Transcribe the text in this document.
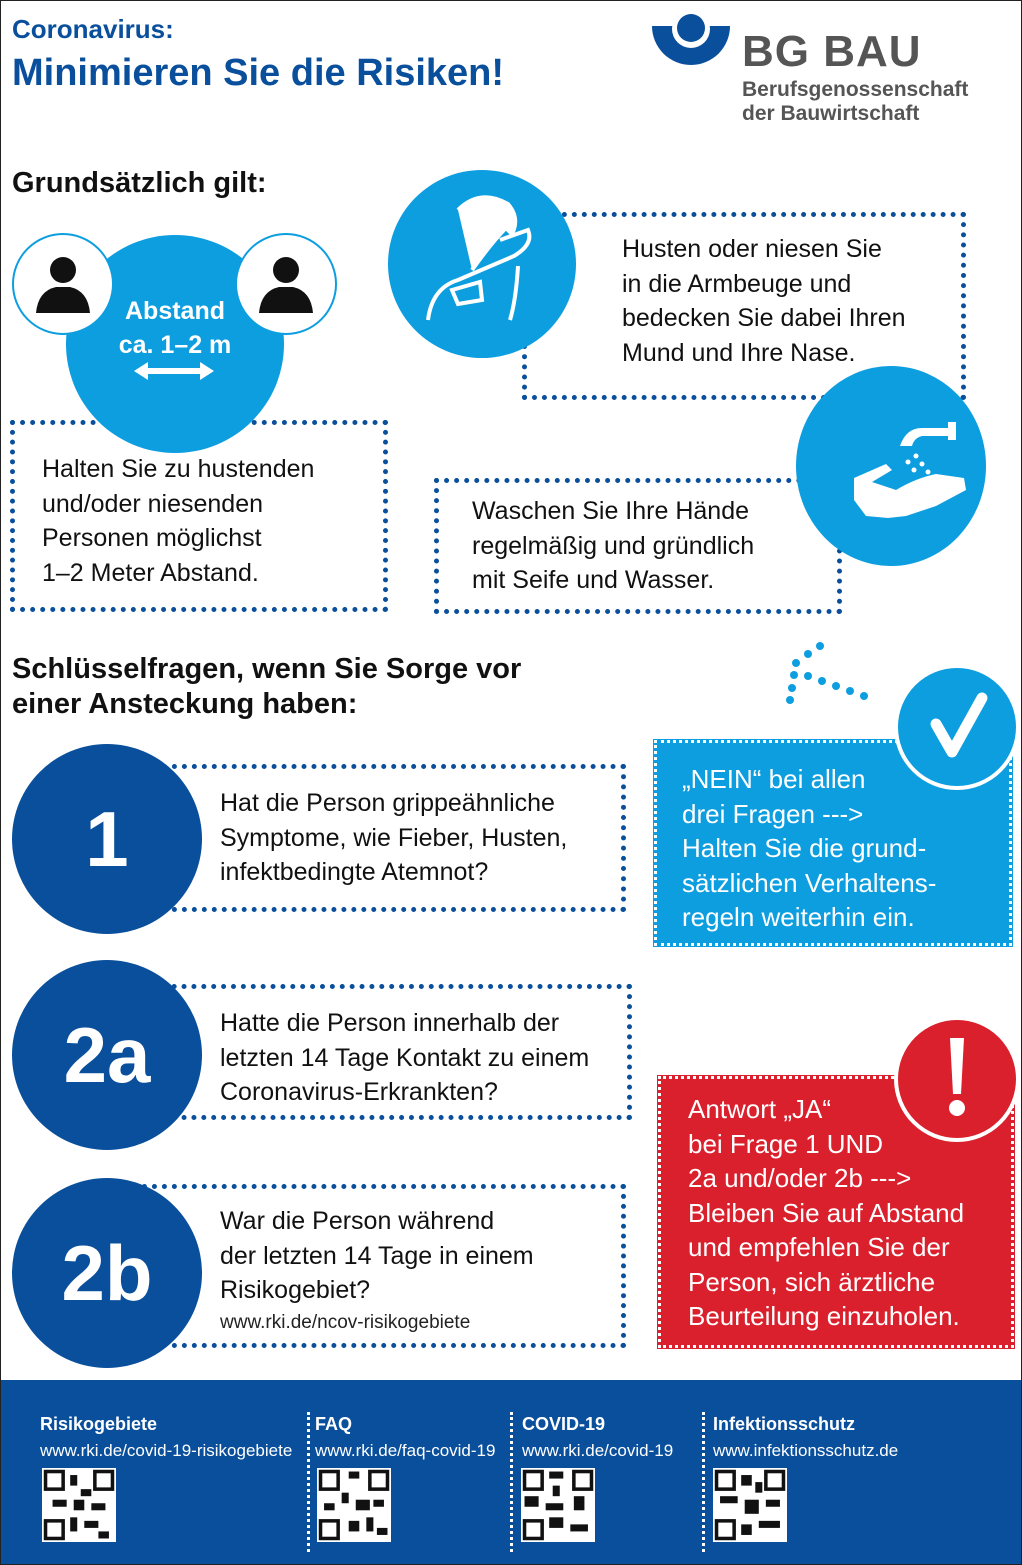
Coronavirus:
Minimieren Sie die Risiken!	BG BAU
Berufsgenossenschaft
der Bauwirtschaft
Grundsätzlich gilt:
Abstand
ca. 1–2 m
Halten Sie zu hustenden
und/oder niesenden
Personen möglichst
1–2 Meter Abstand.
Husten oder niesen Sie
in die Armbeuge und
bedecken Sie dabei Ihren
Mund und Ihre Nase.
Waschen Sie Ihre Hände
regelmäßig und gründlich
mit Seife und Wasser.
Schlüsselfragen, wenn Sie Sorge vor
einer Ansteckung haben:
1	Hat die Person grippeähnliche
Symptome, wie Fieber, Husten,
infektbedingte Atemnot?
2a	Hatte die Person innerhalb der
letzten 14 Tage Kontakt zu einem
Coronavirus-Erkrankten?
2b
War die Person während
der letzten 14 Tage in einem
Risikogebiet?
www.rki.de/ncov-risikogebiete
„NEIN“ bei allen
drei Fragen --->
Halten Sie die grund-
sätzlichen Verhaltens-
regeln weiterhin ein.
Antwort „JA“
bei Frage 1 UND
2a und/oder 2b --->
Bleiben Sie auf Abstand
und empfehlen Sie der
Person, sich ärztliche
Beurteilung einzuholen.
Risikogebiete
www.rki.de/covid-19-risikogebiete
FAQ
www.rki.de/faq-covid-19
COVID-19
www.rki.de/covid-19
Infektionsschutz
www.infektionsschutz.de
